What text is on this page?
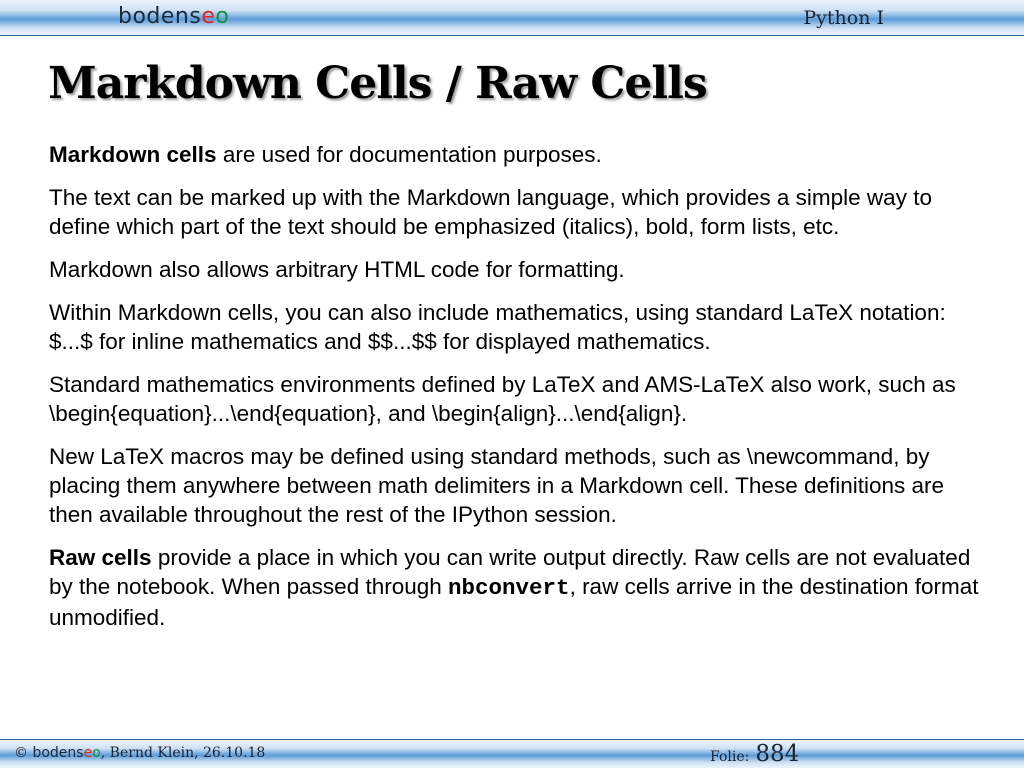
bodenseo	Python I
Markdown Cells / Raw Cells

Markdown cells are used for documentation purposes.

The text can be marked up with the Markdown language, which provides a simple way to define which part of the text should be emphasized (italics), bold, form lists, etc.

Markdown also allows arbitrary HTML code for formatting.

Within Markdown cells, you can also include mathematics, using standard LaTeX notation: $...$ for inline mathematics and $$...$$ for displayed mathematics.

Standard mathematics environments defined by LaTeX and AMS-LaTeX also work, such as \begin{equation}...\end{equation}, and \begin{align}...\end{align}.

New LaTeX macros may be defined using standard methods, such as \newcommand, by placing them anywhere between math delimiters in a Markdown cell. These definitions are then available throughout the rest of the IPython session.

Raw cells provide a place in which you can write output directly. Raw cells are not evaluated by the notebook. When passed through nbconvert, raw cells arrive in the destination format unmodified.

© bodenseo, Bernd Klein, 26.10.18	Folie: 884
